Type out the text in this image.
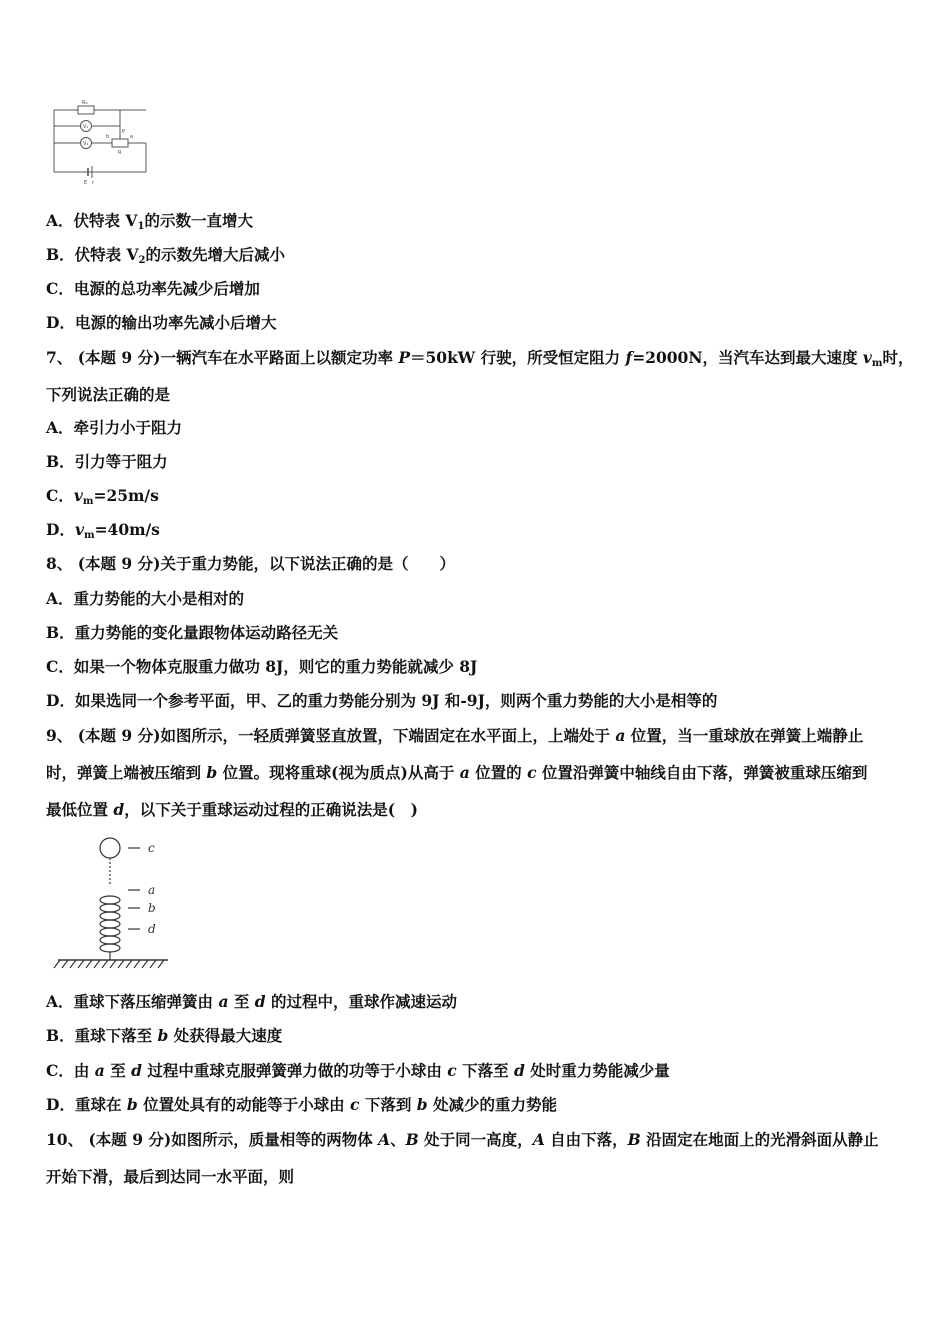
R₀
V₁
V₂
P
a
b
R
E r
A．伏特表 $V_1$的示数一直增大
B．伏特表 $V_2$的示数先增大后减小
C．电源的总功率先减少后增加
D．电源的输出功率先减小后增大
7、 (本题 9 分)一辆汽车在水平路面上以额定功率 P＝50kW 行驶，所受恒定阻力 f=2000N，当汽车达到最大速度 $v_m$时，
下列说法正确的是
A．牵引力小于阻力
B．引力等于阻力
C．$v_m=25m/s$
D．$v_m=40m/s$
8、 (本题 9 分)关于重力势能，以下说法正确的是（　　）
A．重力势能的大小是相对的
B．重力势能的变化量跟物体运动路径无关
C．如果一个物体克服重力做功 8J，则它的重力势能就减少 8J
D．如果选同一个参考平面，甲、乙的重力势能分别为 9J 和-9J，则两个重力势能的大小是相等的
9、 (本题 9 分)如图所示，一轻质弹簧竖直放置，下端固定在水平面上，上端处于 a 位置，当一重球放在弹簧上端静止
时，弹簧上端被压缩到 b 位置。现将重球(视为质点)从高于 a 位置的 c 位置沿弹簧中轴线自由下落，弹簧被重球压缩到
最低位置 d，以下关于重球运动过程的正确说法是(　)
c
a
b
d
A．重球下落压缩弹簧由 a 至 d 的过程中，重球作减速运动
B．重球下落至 b 处获得最大速度
C．由 a 至 d 过程中重球克服弹簧弹力做的功等于小球由 c 下落至 d 处时重力势能减少量
D．重球在 b 位置处具有的动能等于小球由 c 下落到 b 处减少的重力势能
10、 (本题 9 分)如图所示，质量相等的两物体 A、B 处于同一高度，A 自由下落，B 沿固定在地面上的光滑斜面从静止
开始下滑，最后到达同一水平面，则
